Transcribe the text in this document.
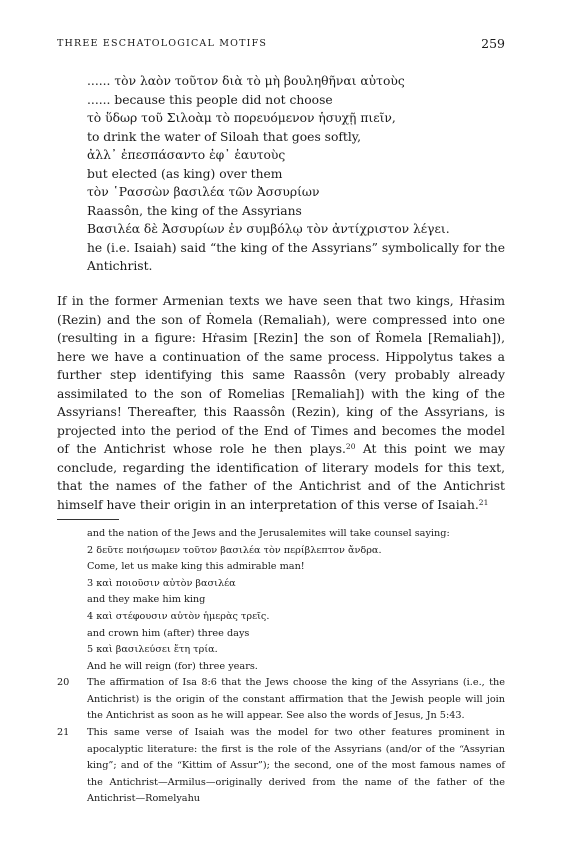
THREE ESCHATOLOGICAL MOTIFS	259
...... τὸν λαὸν τοῦτον διὰ τὸ μὴ βουληθῆναι αὐτοὺς
...... because this people did not choose
τὸ ὕδωρ τοῦ Σιλοὰμ τὸ πορευόμενον ἡσυχῇ πιεῖν,
to drink the water of Siloah that goes softly,
ἀλλ᾽ ἐπεσπάσαντο ἐφ᾽ ἑαυτοὺς
but elected (as king) over them
τὸν ῾Ρασσὼν βασιλέα τῶν Ἀσσυρίων
Raassôn, the king of the Assyrians
Βασιλέα δὲ Ἀσσυρίων ἐν συμβόλῳ τὸν ἀντίχριστον λέγει.
he (i.e. Isaiah) said “the king of the Assyrians” symbolically for the Antichrist.
If in the former Armenian texts we have seen that two kings, Hṙasim (Rezin) and the son of Ṙomela (Remaliah), were compressed into one (resulting in a figure: Hṙasim [Rezin] the son of Ṙomela [Remaliah]), here we have a continuation of the same process. Hippolytus takes a further step identifying this same Raassôn (very probably already assimilated to the son of Romelias [Remaliah]) with the king of the Assyrians! Thereafter, this Raassôn (Rezin), king of the Assyrians, is projected into the period of the End of Times and becomes the model of the Antichrist whose role he then plays.$^{20}$ At this point we may conclude, regarding the identification of literary models for this text, that the names of the father of the Antichrist and of the Antichrist himself have their origin in an interpretation of this verse of Isaiah.$^{21}$
and the nation of the Jews and the Jerusalemites will take counsel saying:
2 δεῦτε ποιήσωμεν τοῦτον βασιλέα τὸν περίβλεπτον ἄνδρα.
Come, let us make king this admirable man!
3 καὶ ποιοῦσιν αὐτὸν βασιλέα
and they make him king
4 καὶ στέφουσιν αὐτὸν ἡμερὰς τρεῖς.
and crown him (after) three days
5 καὶ βασιλεύσει ἔτη τρία.
And he will reign (for) three years.
20	The affirmation of Isa 8:6 that the Jews choose the king of the Assyrians (i.e., the Antichrist) is the origin of the constant affirmation that the Jewish people will join the Antichrist as soon as he will appear. See also the words of Jesus, Jn 5:43.
21	This same verse of Isaiah was the model for two other features prominent in apocalyptic literature: the first is the role of the Assyrians (and/or of the “Assyrian king”; and of the “Kittim of Assur”); the second, one of the most famous names of the Antichrist—Armilus—originally derived from the name of the father of the Antichrist—Romelyahu
